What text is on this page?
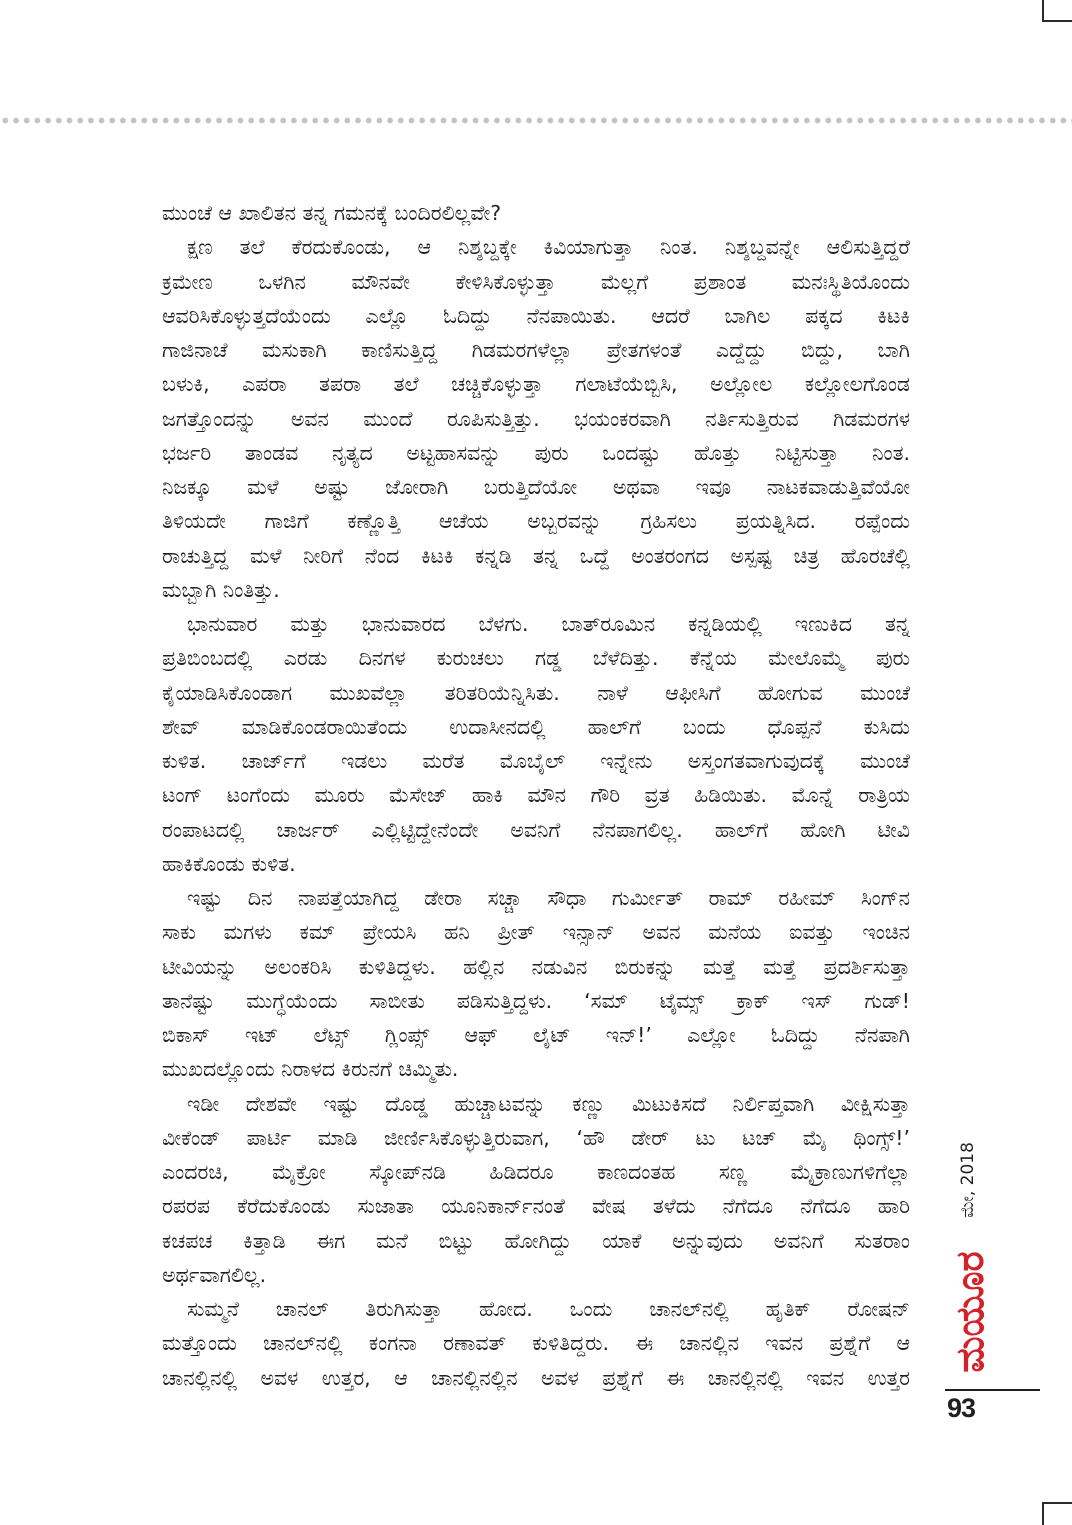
ಮುಂಚೆ ಆ ಖಾಲಿತನ ತನ್ನ ಗಮನಕ್ಕೆ ಬಂದಿರಲಿಲ್ಲವೇ?
ಕ್ಷಣ ತಲೆ ಕೆರದುಕೊಂಡು, ಆ ನಿಶ್ಶಬ್ದಕ್ಕೇ ಕಿವಿಯಾಗುತ್ತಾ ನಿಂತ. ನಿಶ್ಶಬ್ದವನ್ನೇ ಆಲಿಸುತ್ತಿದ್ದರೆ
ಕ್ರಮೇಣ ಒಳಗಿನ ಮೌನವೇ ಕೇಳಿಸಿಕೊಳ್ಳುತ್ತಾ ಮೆಲ್ಲಗೆ ಪ್ರಶಾಂತ ಮನಃಸ್ಥಿತಿಯೊಂದು
ಆವರಿಸಿಕೊಳ್ಳುತ್ತದೆಯೆಂದು ಎಲ್ಲೊ ಓದಿದ್ದು ನೆನಪಾಯಿತು. ಆದರೆ ಬಾಗಿಲ ಪಕ್ಕದ ಕಿಟಕಿ
ಗಾಜಿನಾಚೆ ಮಸುಕಾಗಿ ಕಾಣಿಸುತ್ತಿದ್ದ ಗಿಡಮರಗಳೆಲ್ಲಾ ಪ್ರೇತಗಳಂತೆ ಎದ್ದೆದ್ದು ಬಿದ್ದು, ಬಾಗಿ
ಬಳುಕಿ, ಎಪರಾ ತಪರಾ ತಲೆ ಚಚ್ಚಿಕೊಳ್ಳುತ್ತಾ ಗಲಾಟೆಯೆಬ್ಬಿಸಿ, ಅಲ್ಲೋಲ ಕಲ್ಲೋಲಗೊಂಡ
ಜಗತ್ತೊಂದನ್ನು ಅವನ ಮುಂದೆ ರೂಪಿಸುತ್ತಿತ್ತು. ಭಯಂಕರವಾಗಿ ನರ್ತಿಸುತ್ತಿರುವ ಗಿಡಮರಗಳ
ಭರ್ಜರಿ ತಾಂಡವ ನೃತ್ಯದ ಅಟ್ಟಹಾಸವನ್ನು ಪುರು ಒಂದಷ್ಟು ಹೊತ್ತು ನಿಟ್ಟಿಸುತ್ತಾ ನಿಂತ.
ನಿಜಕ್ಕೂ ಮಳೆ ಅಷ್ಟು ಜೋರಾಗಿ ಬರುತ್ತಿದೆಯೋ ಅಥವಾ ಇವೂ ನಾಟಕವಾಡುತ್ತಿವೆಯೋ
ತಿಳಿಯದೇ ಗಾಜಿಗೆ ಕಣ್ಣೊತ್ತಿ ಆಚೆಯ ಅಬ್ಬರವನ್ನು ಗ್ರಹಿಸಲು ಪ್ರಯತ್ನಿಸಿದ. ರಪ್ಪೆಂದು
ರಾಚುತ್ತಿದ್ದ ಮಳೆ ನೀರಿಗೆ ನೆಂದ ಕಿಟಕಿ ಕನ್ನಡಿ ತನ್ನ ಒದ್ದೆ ಅಂತರಂಗದ ಅಸ್ಪಷ್ಟ ಚಿತ್ರ ಹೊರಚೆಲ್ಲಿ
ಮಬ್ಬಾಗಿ ನಿಂತಿತ್ತು.
ಭಾನುವಾರ ಮತ್ತು ಭಾನುವಾರದ ಬೆಳಗು. ಬಾತ್‌ರೂಮಿನ ಕನ್ನಡಿಯಲ್ಲಿ ಇಣುಕಿದ ತನ್ನ
ಪ್ರತಿಬಿಂಬದಲ್ಲಿ ಎರಡು ದಿನಗಳ ಕುರುಚಲು ಗಡ್ಡ ಬೆಳೆದಿತ್ತು. ಕೆನ್ನೆಯ ಮೇಲೊಮ್ಮೆ ಪುರು
ಕೈಯಾಡಿಸಿಕೊಂಡಾಗ ಮುಖವೆಲ್ಲಾ ತರಿತರಿಯೆನ್ನಿಸಿತು. ನಾಳೆ ಆಫೀಸಿಗೆ ಹೋಗುವ ಮುಂಚೆ
ಶೇವ್ ಮಾಡಿಕೊಂಡರಾಯಿತೆಂದು ಉದಾಸೀನದಲ್ಲಿ ಹಾಲ್‌ಗೆ ಬಂದು ಧೊಪ್ಪನೆ ಕುಸಿದು
ಕುಳಿತ. ಚಾರ್ಜ್‌ಗೆ ಇಡಲು ಮರೆತ ಮೊಬೈಲ್ ಇನ್ನೇನು ಅಸ್ತಂಗತವಾಗುವುದಕ್ಕೆ ಮುಂಚೆ
ಟಂಗ್ ಟಂಗೆಂದು ಮೂರು ಮೆಸೇಜ್ ಹಾಕಿ ಮೌನ ಗೌರಿ ವ್ರತ ಹಿಡಿಯಿತು. ಮೊನ್ನೆ ರಾತ್ರಿಯ
ರಂಪಾಟದಲ್ಲಿ ಚಾರ್ಜರ್ ಎಲ್ಲಿಟ್ಟಿದ್ದೇನೆಂದೇ ಅವನಿಗೆ ನೆನಪಾಗಲಿಲ್ಲ. ಹಾಲ್‌ಗೆ ಹೋಗಿ ಟೀವಿ
ಹಾಕಿಕೊಂಡು ಕುಳಿತ.
ಇಷ್ಟು ದಿನ ನಾಪತ್ತೆಯಾಗಿದ್ದ ಡೇರಾ ಸಚ್ಚಾ ಸೌಧಾ ಗುರ್ಮೀತ್ ರಾಮ್ ರಹೀಮ್ ಸಿಂಗ್‌ನ
ಸಾಕು ಮಗಳು ಕಮ್ ಪ್ರೇಯಸಿ ಹನಿ ಪ್ರೀತ್ ಇನ್ಸಾನ್ ಅವನ ಮನೆಯ ಐವತ್ತು ಇಂಚಿನ
ಟೀವಿಯನ್ನು ಅಲಂಕರಿಸಿ ಕುಳಿತಿದ್ದಳು. ಹಲ್ಲಿನ ನಡುವಿನ ಬಿರುಕನ್ನು ಮತ್ತೆ ಮತ್ತೆ ಪ್ರದರ್ಶಿಸುತ್ತಾ
ತಾನೆಷ್ಟು ಮುಗ್ಧೆಯೆಂದು ಸಾಬೀತು ಪಡಿಸುತ್ತಿದ್ದಳು. ‘ಸಮ್ ಟೈಮ್ಸ್ ಕ್ರಾಕ್ ಇಸ್ ಗುಡ್!
ಬಿಕಾಸ್ ಇಟ್ ಲೆಟ್ಸ್ ಗ್ಲಿಂಪ್ಸ್ ಆಫ್ ಲೈಟ್ ಇನ್!’ ಎಲ್ಲೋ ಓದಿದ್ದು ನೆನಪಾಗಿ
ಮುಖದಲ್ಲೊಂದು ನಿರಾಳದ ಕಿರುನಗೆ ಚಿಮ್ಮಿತು.
ಇಡೀ ದೇಶವೇ ಇಷ್ಟು ದೊಡ್ಡ ಹುಚ್ಚಾಟವನ್ನು ಕಣ್ಣು ಮಿಟುಕಿಸದೆ ನಿರ್ಲಿಪ್ತವಾಗಿ ವೀಕ್ಷಿಸುತ್ತಾ
ವೀಕೆಂಡ್ ಪಾರ್ಟಿ ಮಾಡಿ ಜೀರ್ಣಿಸಿಕೊಳ್ಳುತ್ತಿರುವಾಗ, ‘ಹೌ ಡೇರ್ ಟು ಟಚ್ ಮೈ ಥಿಂಗ್ಸ್!’
ಎಂದರಚಿ, ಮೈಕ್ರೋ ಸ್ಕೋಪ್‌ನಡಿ ಹಿಡಿದರೂ ಕಾಣದಂತಹ ಸಣ್ಣ ಮೈಕ್ರಾಣುಗಳಿಗೆಲ್ಲಾ
ರಪರಪ ಕೆರೆದುಕೊಂಡು ಸುಜಾತಾ ಯೂನಿಕಾರ್ನ್‌ನಂತೆ ವೇಷ ತಳೆದು ನೆಗೆದೂ ನೆಗೆದೂ ಹಾರಿ
ಕಚಪಚ ಕಿತ್ತಾಡಿ ಈಗ ಮನೆ ಬಿಟ್ಟು ಹೋಗಿದ್ದು ಯಾಕೆ ಅನ್ನುವುದು ಅವನಿಗೆ ಸುತರಾಂ
ಅರ್ಥವಾಗಲಿಲ್ಲ.
ಸುಮ್ಮನೆ ಚಾನಲ್ ತಿರುಗಿಸುತ್ತಾ ಹೋದ. ಒಂದು ಚಾನಲ್‌ನಲ್ಲಿ ಹೃತಿಕ್ ರೋಷನ್
ಮತ್ತೊಂದು ಚಾನಲ್‌ನಲ್ಲಿ ಕಂಗನಾ ರಣಾವತ್ ಕುಳಿತಿದ್ದರು. ಈ ಚಾನಲ್ಲಿನ ಇವನ ಪ್ರಶ್ನೆಗೆ ಆ
ಚಾನಲ್ಲಿನಲ್ಲಿ ಅವಳ ಉತ್ತರ, ಆ ಚಾನಲ್ಲಿನಲ್ಲಿನ ಅವಳ ಪ್ರಶ್ನೆಗೆ ಈ ಚಾನಲ್ಲಿನಲ್ಲಿ ಇವನ ಉತ್ತರ
ಮೇ, 2018
ಮಯೂರ
93
